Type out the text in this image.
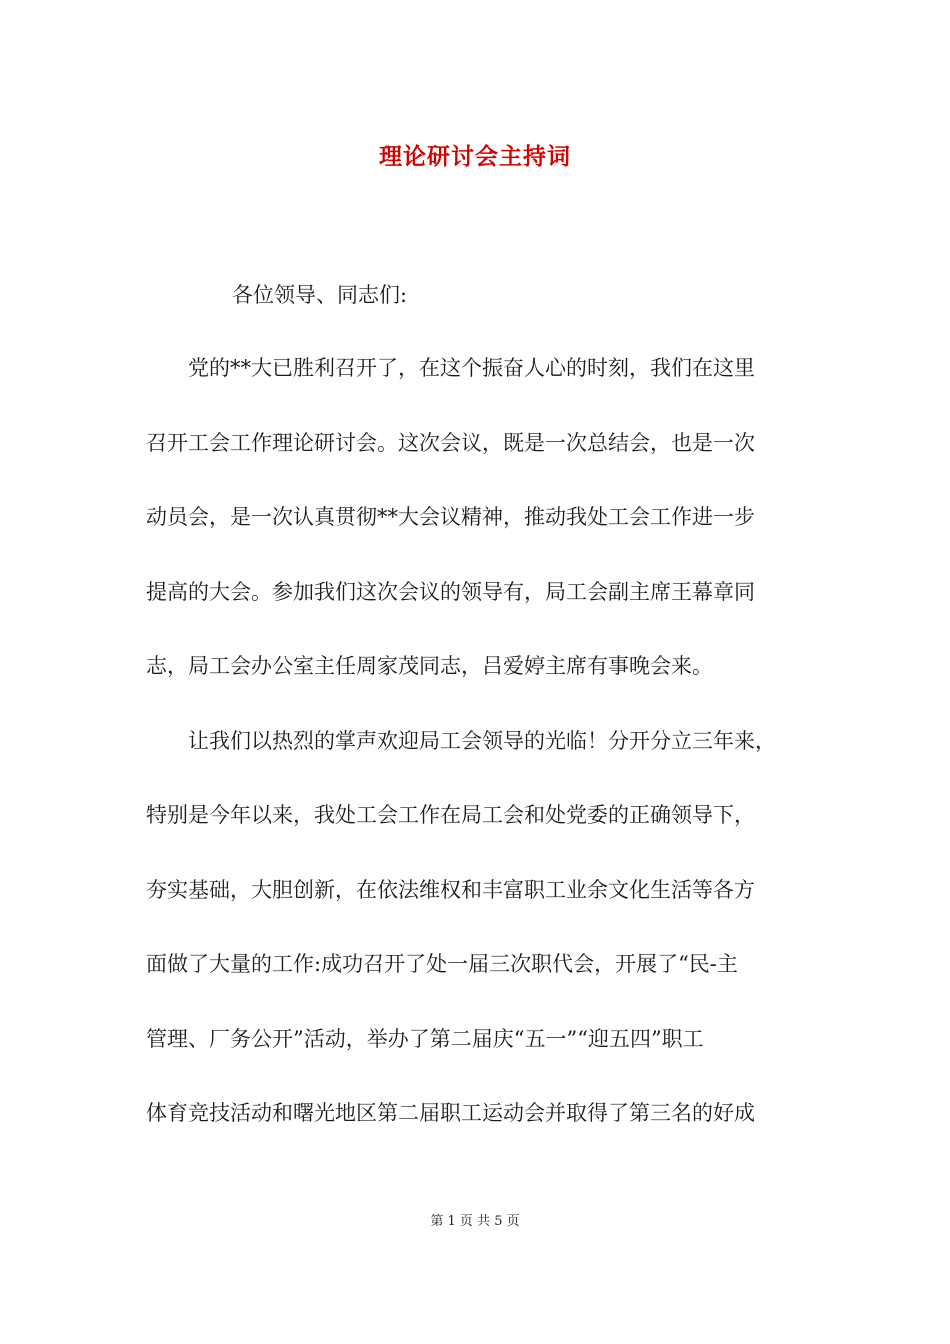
理论研讨会主持词
各位领导、同志们:
党的**大已胜利召开了，在这个振奋人心的时刻，我们在这里
召开工会工作理论研讨会。这次会议，既是一次总结会，也是一次
动员会，是一次认真贯彻**大会议精神，推动我处工会工作进一步
提高的大会。参加我们这次会议的领导有，局工会副主席王幕章同
志，局工会办公室主任周家茂同志，吕爱婷主席有事晚会来。
让我们以热烈的掌声欢迎局工会领导的光临！分开分立三年来，
特别是今年以来，我处工会工作在局工会和处党委的正确领导下，
夯实基础，大胆创新，在依法维权和丰富职工业余文化生活等各方
面做了大量的工作:成功召开了处一届三次职代会，开展了“民-主
管理、厂务公开”活动，举办了第二届庆“五一”“迎五四”职工
体育竞技活动和曙光地区第二届职工运动会并取得了第三名的好成
第 1 页 共 5 页
